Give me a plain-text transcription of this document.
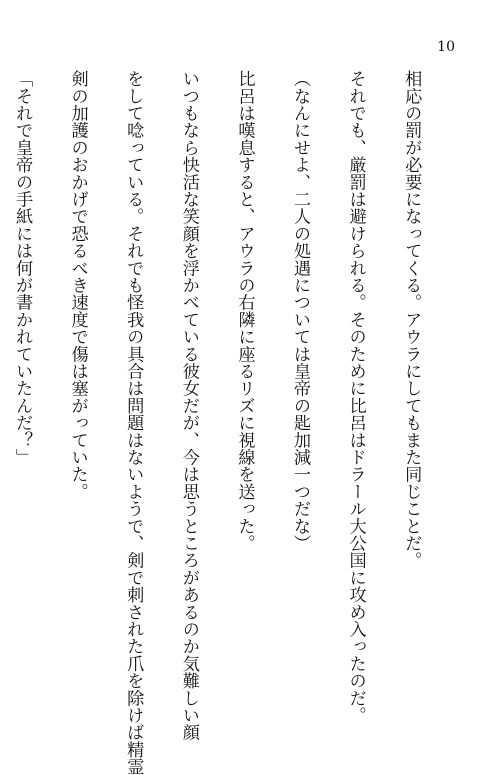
10

相応の罰が必要になってくる。アウラにしてもまた同じことだ。

それでも、厳罰は避けられる。そのために比呂はドラール大公国に攻め入ったのだ。

（なんにせよ、二人の処遇については皇帝の匙加減一つだな）

比呂は嘆息すると、アウラの右隣に座るリズに視線を送った。

いつもなら快活な笑顔を浮かべている彼女だが、今は思うところがあるのか気難しい顔

をして唸っている。それでも怪我の具合は問題はないようで、剣で刺された爪を除けば精霊

剣の加護のおかげで恐るべき速度で傷は塞がっていた。

「それで皇帝の手紙には何が書かれていたんだ？」
